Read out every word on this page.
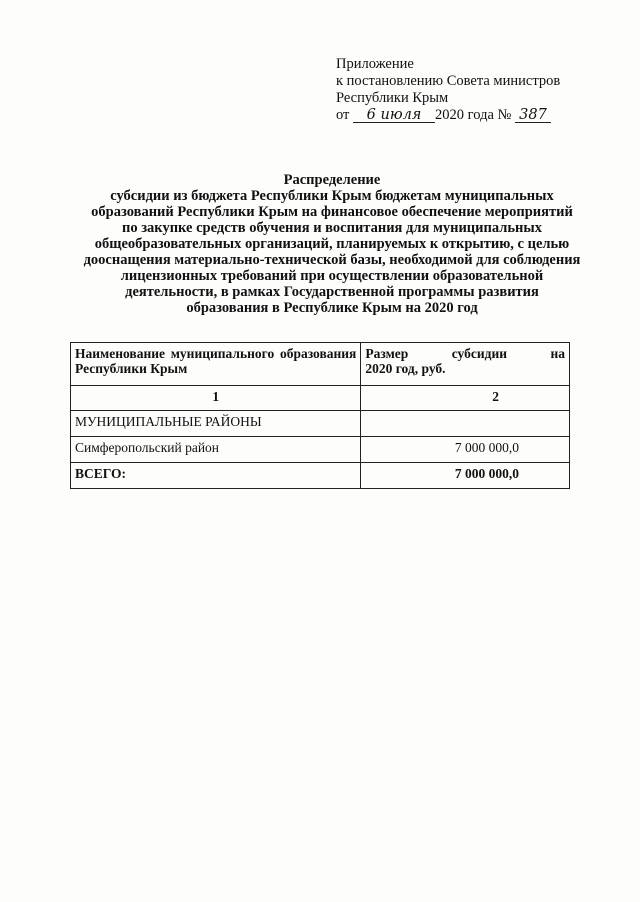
Приложение
к постановлению Совета министров
Республики Крым
от 6 июля 2020 года № 387
Распределение
субсидии из бюджета Республики Крым бюджетам муниципальных
образований Республики Крым на финансовое обеспечение мероприятий
по закупке средств обучения и воспитания для муниципальных
общеобразовательных организаций, планируемых к открытию, с целью
дооснащения материально-технической базы, необходимой для соблюдения
лицензионных требований при осуществлении образовательной
деятельности, в рамках Государственной программы развития
образования в Республике Крым на 2020 год
Наименование муниципального образования
Республики Крым	Размер субсидии на
2020 год, руб.

1	2
МУНИЦИПАЛЬНЫЕ РАЙОНЫ	
Симферопольский район	7 000 000,0
ВСЕГО:	7 000 000,0
